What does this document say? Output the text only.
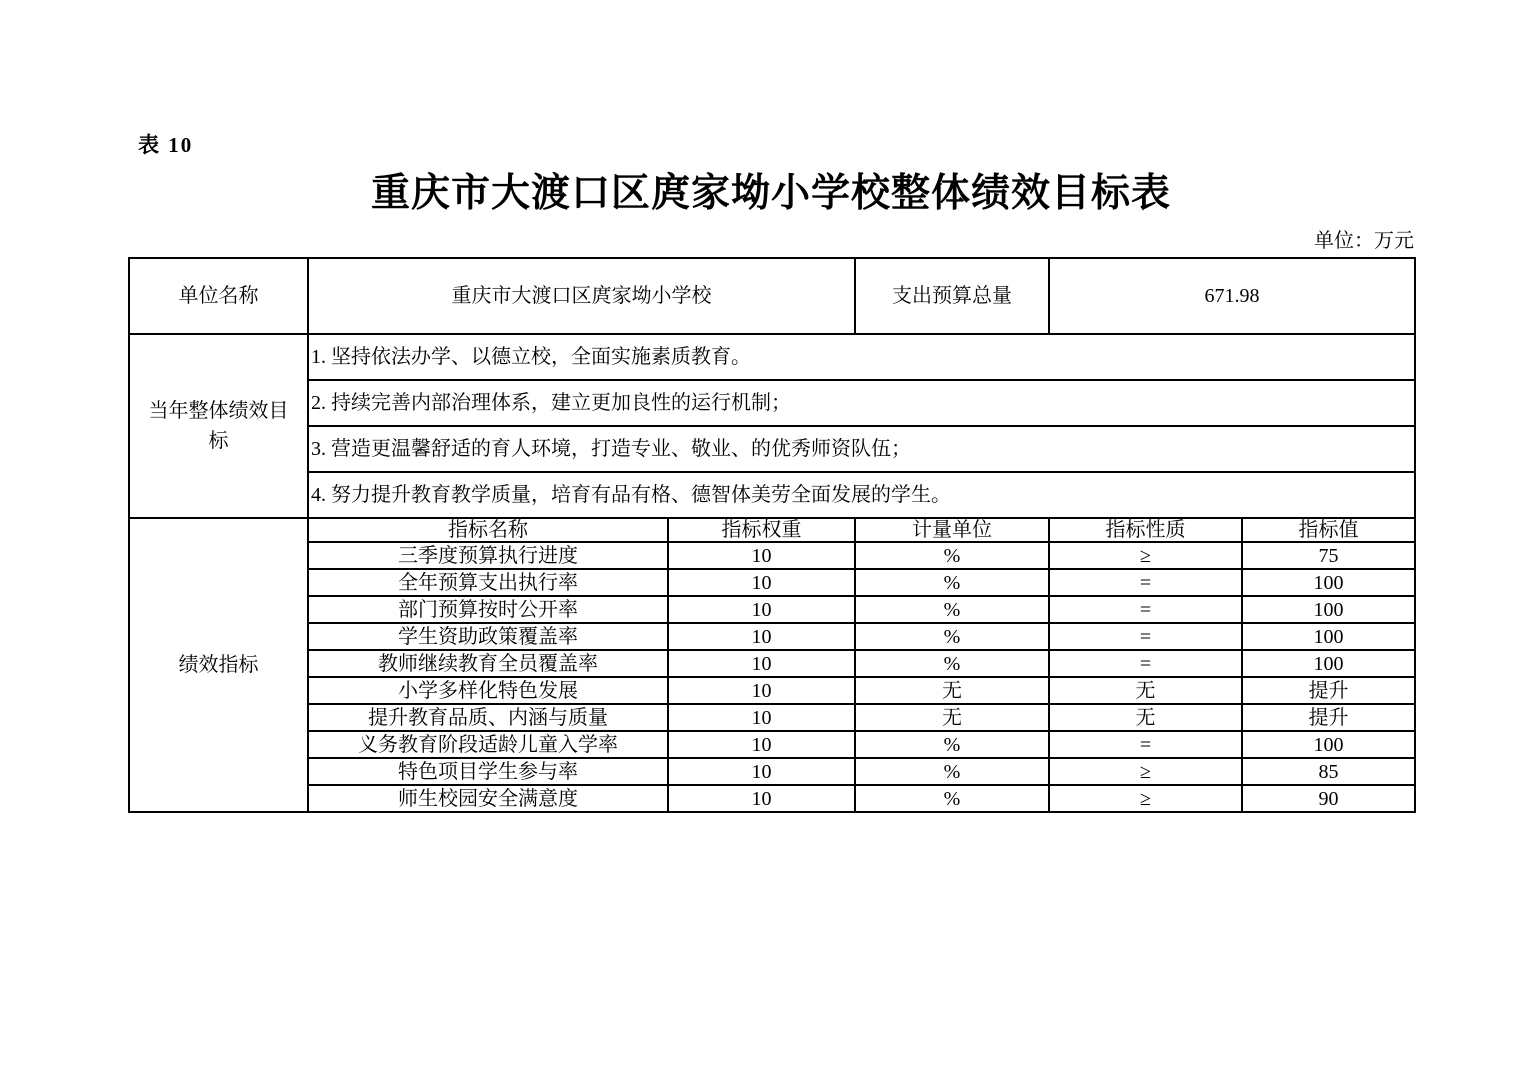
表 10
重庆市大渡口区庹家坳小学校整体绩效目标表
单位：万元
单位名称	重庆市大渡口区庹家坳小学校		支出预算总量	671.98	
当年整体绩效目标	1. 坚持依法办学、以德立校，全面实施素质教育。				
	2. 持续完善内部治理体系，建立更加良性的运行机制；				
	3. 营造更温馨舒适的育人环境，打造专业、敬业、的优秀师资队伍；				
	4. 努力提升教育教学质量，培育有品有格、德智体美劳全面发展的学生。				
绩效指标	指标名称	指标权重	计量单位	指标性质	指标值
	三季度预算执行进度	10	%	≥	75
	全年预算支出执行率	10	%	=	100
	部门预算按时公开率	10	%	=	100
	学生资助政策覆盖率	10	%	=	100
	教师继续教育全员覆盖率	10	%	=	100
	小学多样化特色发展	10	无	无	提升
	提升教育品质、内涵与质量	10	无	无	提升
	义务教育阶段适龄儿童入学率	10	%	=	100
	特色项目学生参与率	10	%	≥	85
	师生校园安全满意度	10	%	≥	90
